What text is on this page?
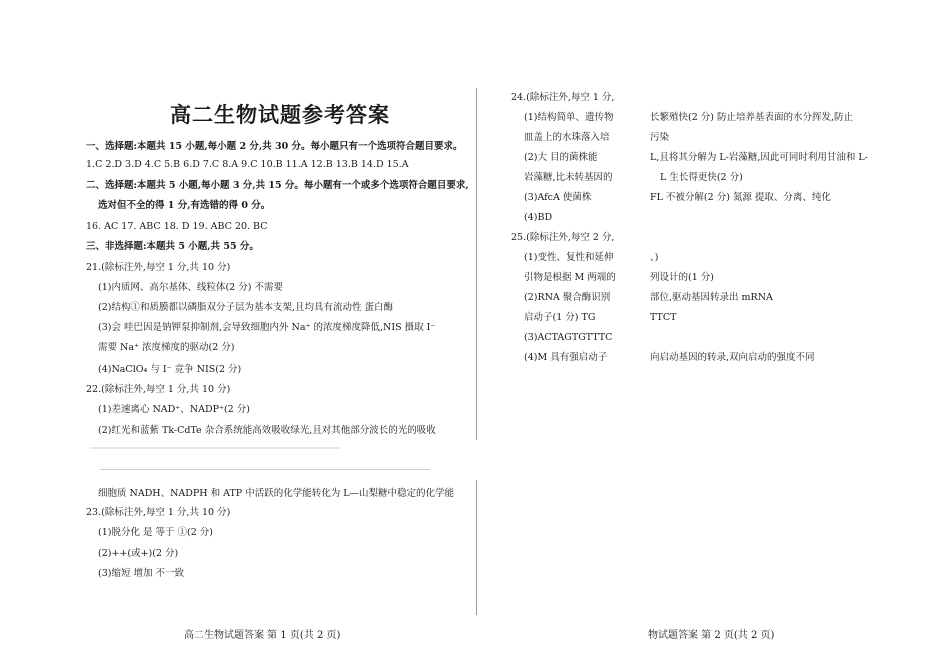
高二生物试题参考答案
一、选择题:本题共 15 小题,每小题 2 分,共 30 分。每小题只有一个选项符合题目要求。
1.C 2.D 3.D 4.C 5.B 6.D 7.C 8.A 9.C 10.B 11.A 12.B 13.B 14.D 15.A
二、选择题:本题共 5 小题,每小题 3 分,共 15 分。每小题有一个或多个选项符合题目要求,
选对但不全的得 1 分,有选错的得 0 分。
16. AC 17. ABC 18. D 19. ABC 20. BC
三、非选择题:本题共 5 小题,共 55 分。
21.(除标注外,每空 1 分,共 10 分)
(1)内质网、高尔基体、线粒体(2 分) 不需要
(2)结构①和质膜都以磷脂双分子层为基本支架,且均具有流动性 蛋白酶
(3)会 哇巴因是钠钾泵抑制剂,会导致细胞内外 Na⁺ 的浓度梯度降低,NIS 摄取 I⁻
需要 Na⁺ 浓度梯度的驱动(2 分)
(4)NaClO₄ 与 I⁻ 竞争 NIS(2 分)
22.(除标注外,每空 1 分,共 10 分)
(1)差速离心 NAD⁺、NADP⁺(2 分)
(2)红光和蓝紫 Tk-CdTe 杂合系统能高效吸收绿光,且对其他部分波长的光的吸收
细胞质 NADH、NADPH 和 ATP 中活跃的化学能转化为 L—山梨糖中稳定的化学能
23.(除标注外,每空 1 分,共 10 分)
(1)脱分化 是 等于 ①(2 分)
(2)++(或+)(2 分)
(3)缩短 增加 不一致
高二生物试题答案 第 1 页(共 2 页)
24.(除标注外,每空 1 分,
(1)结构简单、遗传物	长繁殖快(2 分) 防止培养基表面的水分挥发,防止
皿盖上的水珠落入培	污染
(2)大 目的菌株能	L,且将其分解为 L-岩藻糖,因此可同时利用甘油和 L-
岩藻糖,比未转基因的	L 生长得更快(2 分)
(3)AfcA 使菌株	FL 不被分解(2 分) 氮源 提取、分离、纯化
(4)BD
25.(除标注外,每空 2 分,
(1)变性、复性和延伸	、)
引物是根据 M 两端的	列设计的(1 分)
(2)RNA 聚合酶识别	部位,驱动基因转录出 mRNA
启动子(1 分) TG	TTCT
(3)ACTAGTGTTTC
(4)M 具有强启动子	向启动基因的转录,双向启动的强度不同
物试题答案 第 2 页(共 2 页)
